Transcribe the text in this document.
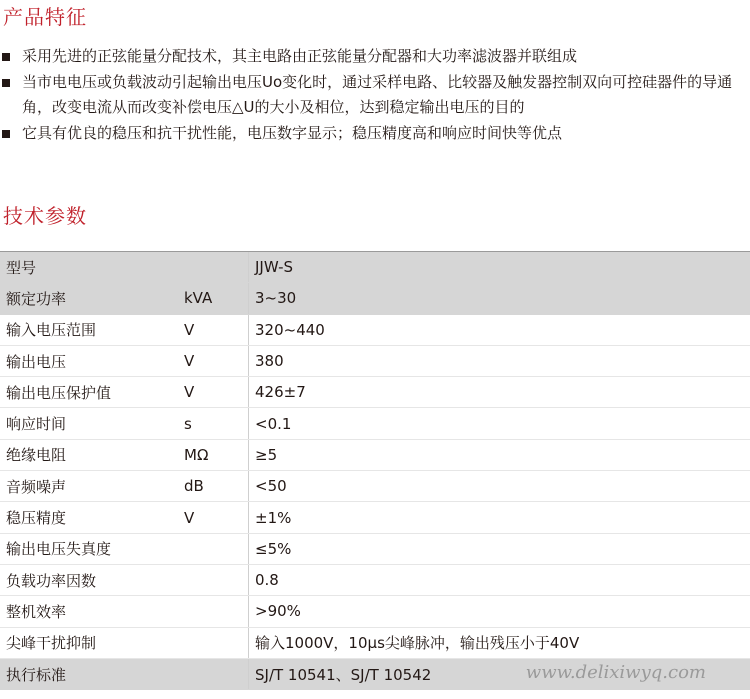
产品特征
采用先进的正弦能量分配技术，其主电路由正弦能量分配器和大功率滤波器并联组成
当市电电压或负载波动引起输出电压Uo变化时，通过采样电路、比较器及触发器控制双向可控硅器件的导通角，改变电流从而改变补偿电压△U的大小及相位，达到稳定输出电压的目的
它具有优良的稳压和抗干扰性能，电压数字显示；稳压精度高和响应时间快等优点
技术参数
型号		JJW-S
额定功率	kVA	3~30
输入电压范围	V	320~440
输出电压	V	380
输出电压保护值	V	426±7
响应时间	s	<0.1
绝缘电阻	MΩ	≥5
音频噪声	dB	<50
稳压精度	V	±1%
输出电压失真度		≤5%
负载功率因数		0.8
整机效率		>90%
尖峰干扰抑制		输入1000V，10μs尖峰脉冲，输出残压小于40V
执行标准		SJ/T 10541、SJ/T 10542	www.delixiwyq.com
